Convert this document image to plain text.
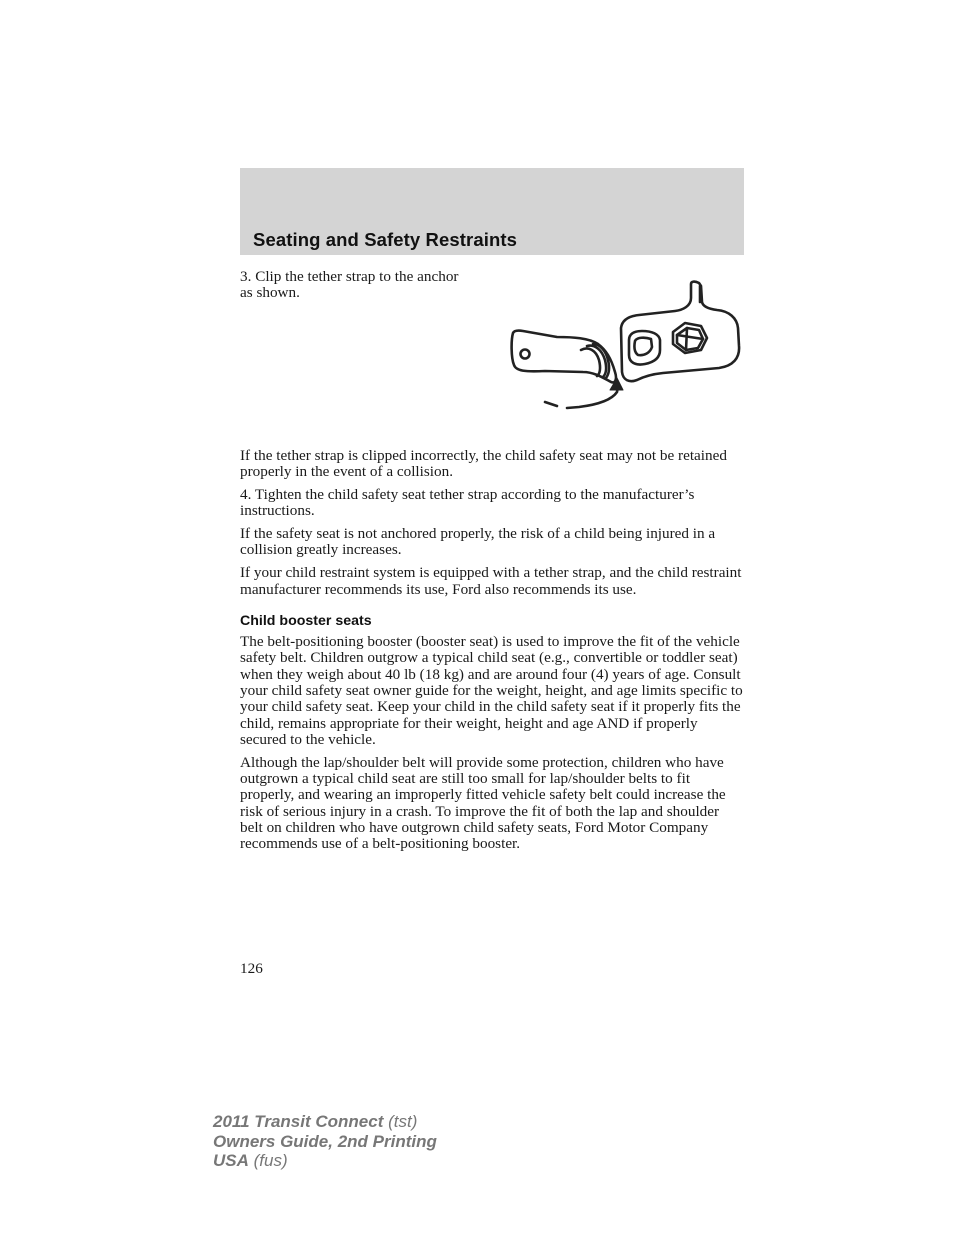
Seating and Safety Restraints

3. Clip the tether strap to the anchor as shown.

If the tether strap is clipped incorrectly, the child safety seat may not be retained properly in the event of a collision.

4. Tighten the child safety seat tether strap according to the manufacturer’s instructions.

If the safety seat is not anchored properly, the risk of a child being injured in a collision greatly increases.

If your child restraint system is equipped with a tether strap, and the child restraint manufacturer recommends its use, Ford also recommends its use.

Child booster seats

The belt-positioning booster (booster seat) is used to improve the fit of the vehicle safety belt. Children outgrow a typical child seat (e.g., convertible or toddler seat) when they weigh about 40 lb (18 kg) and are around four (4) years of age. Consult your child safety seat owner guide for the weight, height, and age limits specific to your child safety seat. Keep your child in the child safety seat if it properly fits the child, remains appropriate for their weight, height and age AND if properly secured to the vehicle.

Although the lap/shoulder belt will provide some protection, children who have outgrown a typical child seat are still too small for lap/shoulder belts to fit properly, and wearing an improperly fitted vehicle safety belt could increase the risk of serious injury in a crash. To improve the fit of both the lap and shoulder belt on children who have outgrown child safety seats, Ford Motor Company recommends use of a belt-positioning booster.

126

2011 Transit Connect (tst)
Owners Guide, 2nd Printing
USA (fus)
